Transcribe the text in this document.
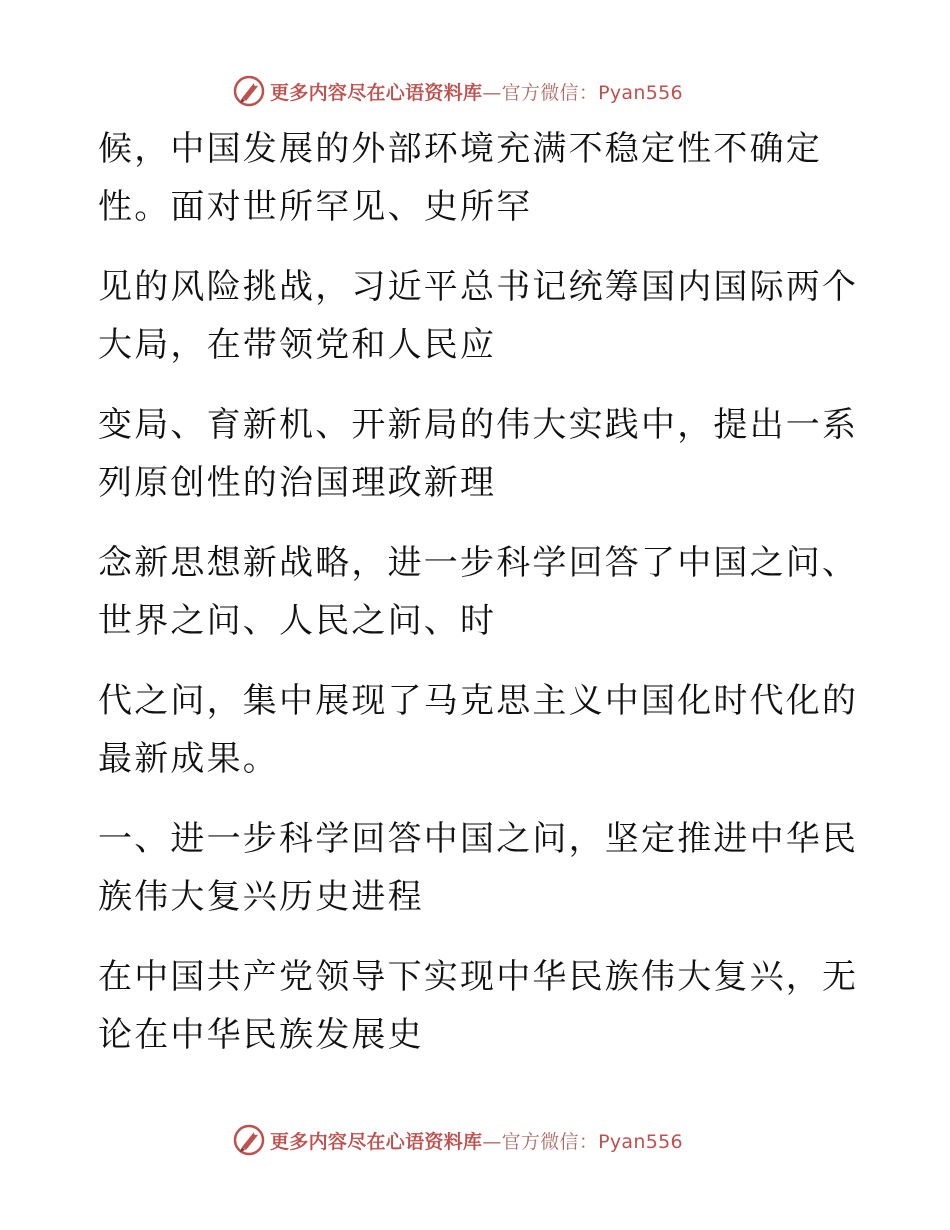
更多内容尽在心语资料库—官方微信：Pyan556

候，中国发展的外部环境充满不稳定性不确定
性。面对世所罕见、史所罕

见的风险挑战，习近平总书记统筹国内国际两个
大局，在带领党和人民应

变局、育新机、开新局的伟大实践中，提出一系
列原创性的治国理政新理

念新思想新战略，进一步科学回答了中国之问、
世界之问、人民之问、时

代之问，集中展现了马克思主义中国化时代化的
最新成果。

一、进一步科学回答中国之问，坚定推进中华民
族伟大复兴历史进程

在中国共产党领导下实现中华民族伟大复兴，无
论在中华民族发展史

更多内容尽在心语资料库—官方微信：Pyan556
